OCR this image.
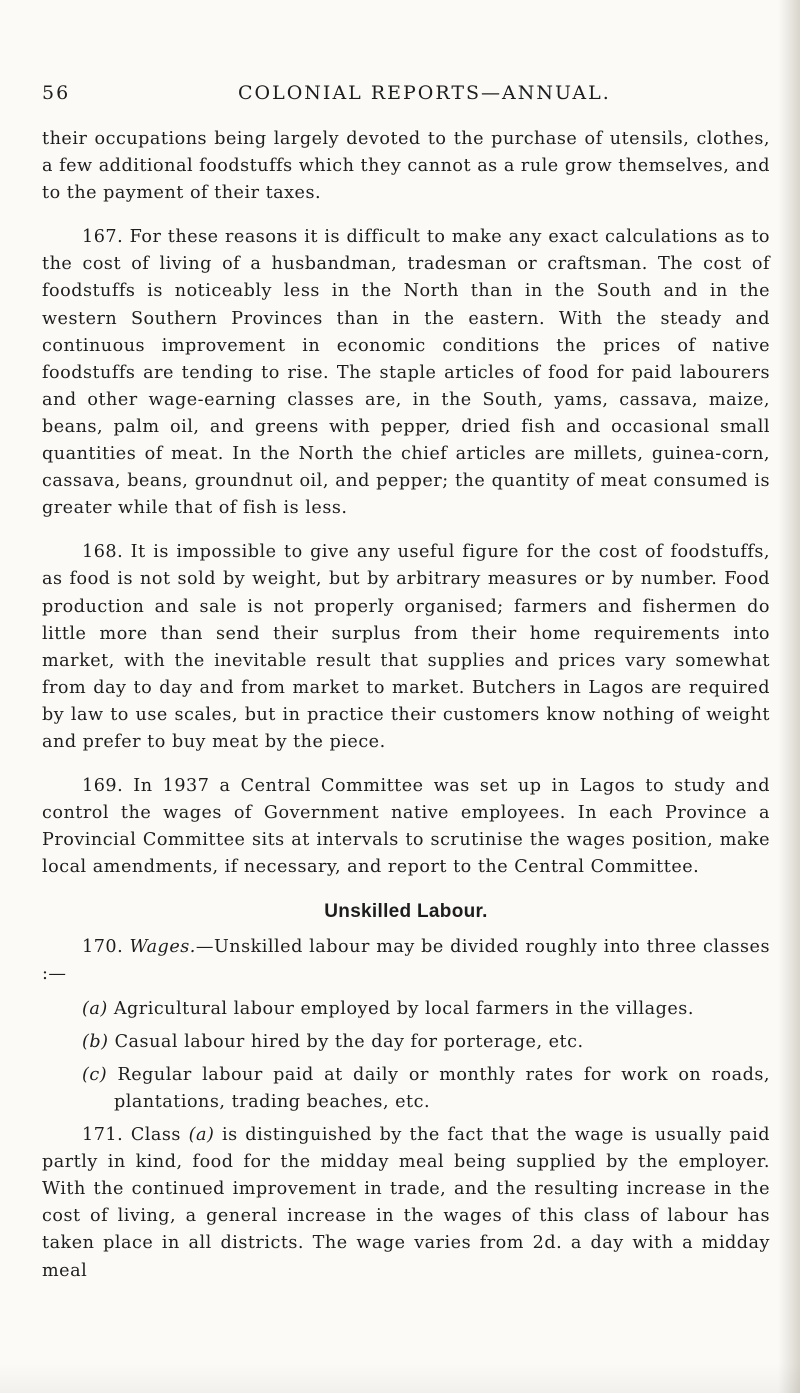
56	COLONIAL REPORTS—ANNUAL.

their occupations being largely devoted to the purchase of utensils, clothes, a few additional foodstuffs which they cannot as a rule grow themselves, and to the payment of their taxes.

167. For these reasons it is difficult to make any exact calculations as to the cost of living of a husbandman, tradesman or craftsman. The cost of foodstuffs is noticeably less in the North than in the South and in the western Southern Provinces than in the eastern. With the steady and continuous improvement in economic conditions the prices of native foodstuffs are tending to rise. The staple articles of food for paid labourers and other wage-earning classes are, in the South, yams, cassava, maize, beans, palm oil, and greens with pepper, dried fish and occasional small quantities of meat. In the North the chief articles are millets, guinea-corn, cassava, beans, groundnut oil, and pepper; the quantity of meat consumed is greater while that of fish is less.

168. It is impossible to give any useful figure for the cost of foodstuffs, as food is not sold by weight, but by arbitrary measures or by number. Food production and sale is not properly organised; farmers and fishermen do little more than send their surplus from their home requirements into market, with the inevitable result that supplies and prices vary somewhat from day to day and from market to market. Butchers in Lagos are required by law to use scales, but in practice their customers know nothing of weight and prefer to buy meat by the piece.

169. In 1937 a Central Committee was set up in Lagos to study and control the wages of Government native employees. In each Province a Provincial Committee sits at intervals to scrutinise the wages position, make local amendments, if necessary, and report to the Central Committee.

Unskilled Labour.

170. Wages.—Unskilled labour may be divided roughly into three classes :—

(a) Agricultural labour employed by local farmers in the villages.
(b) Casual labour hired by the day for porterage, etc.
(c) Regular labour paid at daily or monthly rates for work on roads, plantations, trading beaches, etc.

171. Class (a) is distinguished by the fact that the wage is usually paid partly in kind, food for the midday meal being supplied by the employer. With the continued improvement in trade, and the resulting increase in the cost of living, a general increase in the wages of this class of labour has taken place in all districts. The wage varies from 2d. a day with a midday meal
